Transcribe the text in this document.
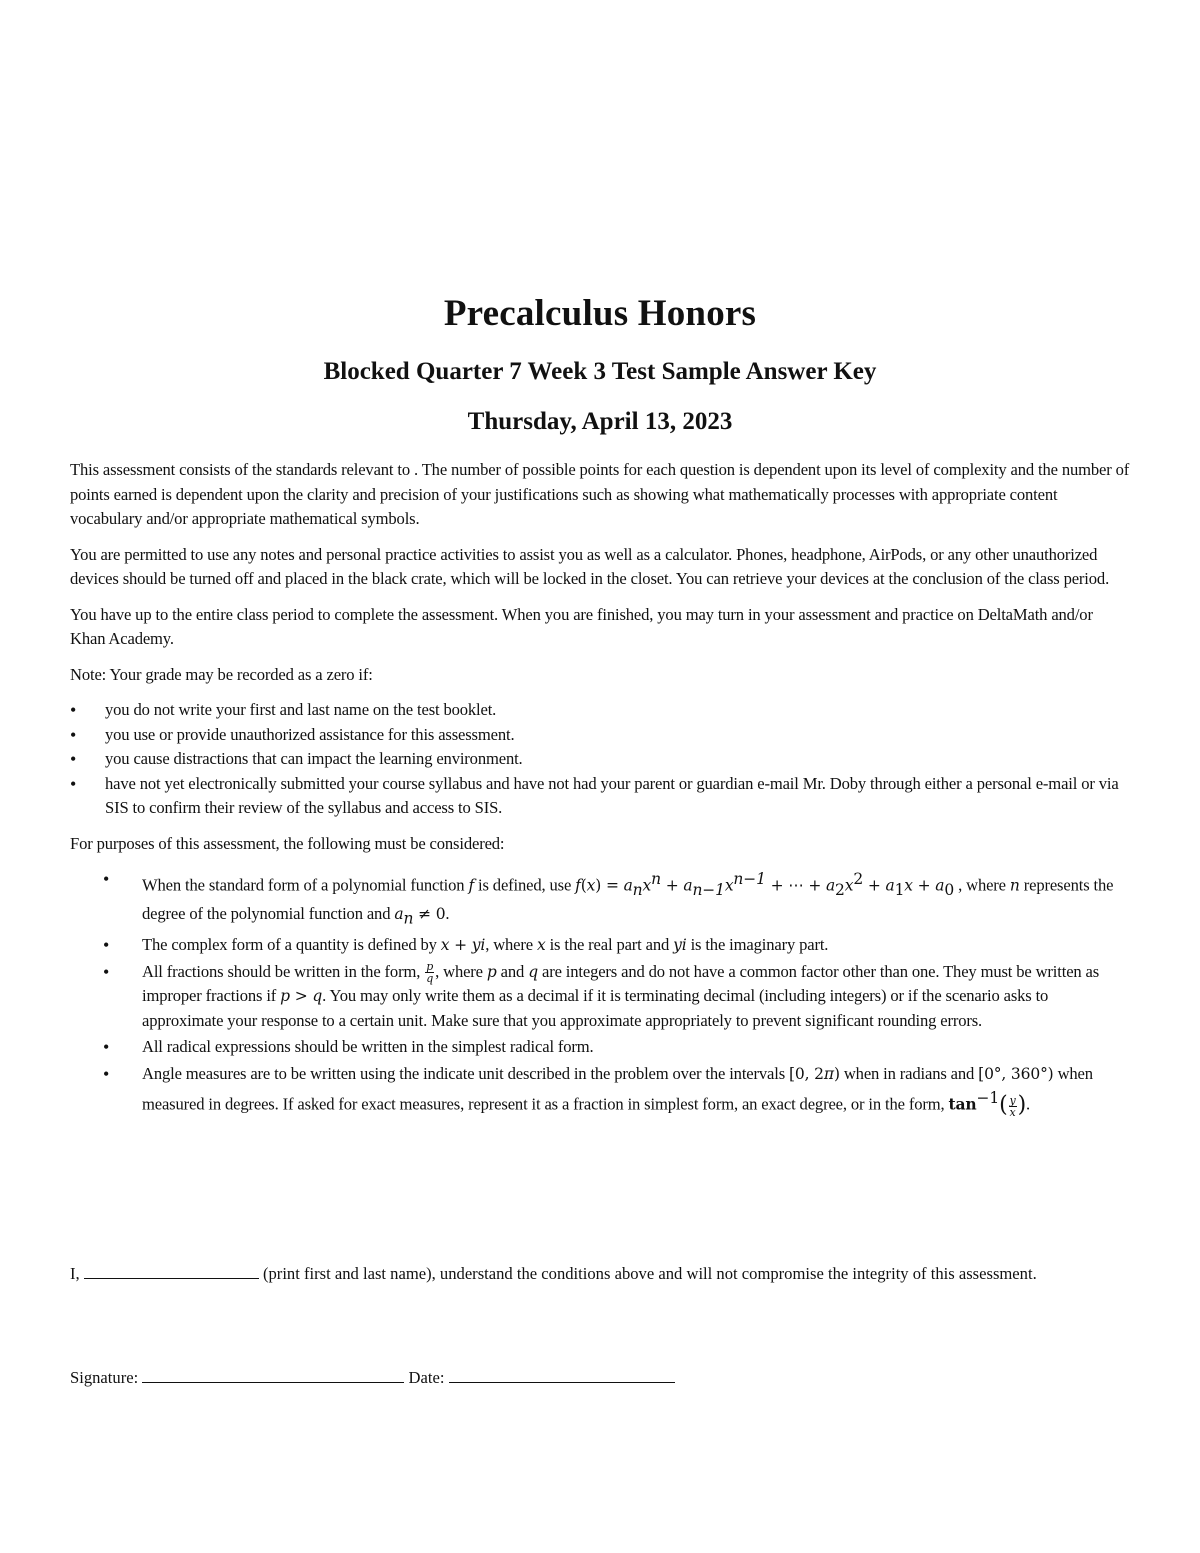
Precalculus Honors
Blocked Quarter 7 Week 3 Test Sample Answer Key
Thursday, April 13, 2023

This assessment consists of the standards relevant to . The number of possible points for each question is dependent upon its level of complexity and the number of points earned is dependent upon the clarity and precision of your justifications such as showing what mathematically processes with appropriate content vocabulary and/or appropriate mathematical symbols.

You are permitted to use any notes and personal practice activities to assist you as well as a calculator. Phones, headphone, AirPods, or any other unauthorized devices should be turned off and placed in the black crate, which will be locked in the closet. You can retrieve your devices at the conclusion of the class period.

You have up to the entire class period to complete the assessment. When you are finished, you may turn in your assessment and practice on DeltaMath and/or Khan Academy.

Note: Your grade may be recorded as a zero if:

• you do not write your first and last name on the test booklet.
• you use or provide unauthorized assistance for this assessment.
• you cause distractions that can impact the learning environment.
• have not yet electronically submitted your course syllabus and have not had your parent or guardian e-mail Mr. Doby through either a personal e-mail or via SIS to confirm their review of the syllabus and access to SIS.

For purposes of this assessment, the following must be considered:

• When the standard form of a polynomial function f is defined, use $f(x) = a_nx^n + a_{n-1}x^{n-1}$ + ⋯ + $a_2x^2 + a_1x + a_0$ , where n represents the degree of the polynomial function and $a_n \ne 0$.
• The complex form of a quantity is defined by x + yi, where x is the real part and yi is the imaginary part.
• All fractions should be written in the form, $\frac{p}{q}$ , where p and q are integers and do not have a common factor other than one. They must be written as improper fractions if p > q. You may only write them as a decimal if it is terminating decimal (including integers) or if the scenario asks to approximate your response to a certain unit. Make sure that you approximate appropriately to prevent significant rounding errors.
• All radical expressions should be written in the simplest radical form.
• Angle measures are to be written using the indicate unit described in the problem over the intervals [0, 2π) when in radians and [0°, 360°) when measured in degrees. If asked for exact measures, represent it as a fraction in simplest form, an exact degree, or in the form, $\tan^{-1}( \frac{y}{x}$ ).
I,	(print first and last name), understand the conditions above and will not compromise the integrity of this assessment.
Signature:	Date:
